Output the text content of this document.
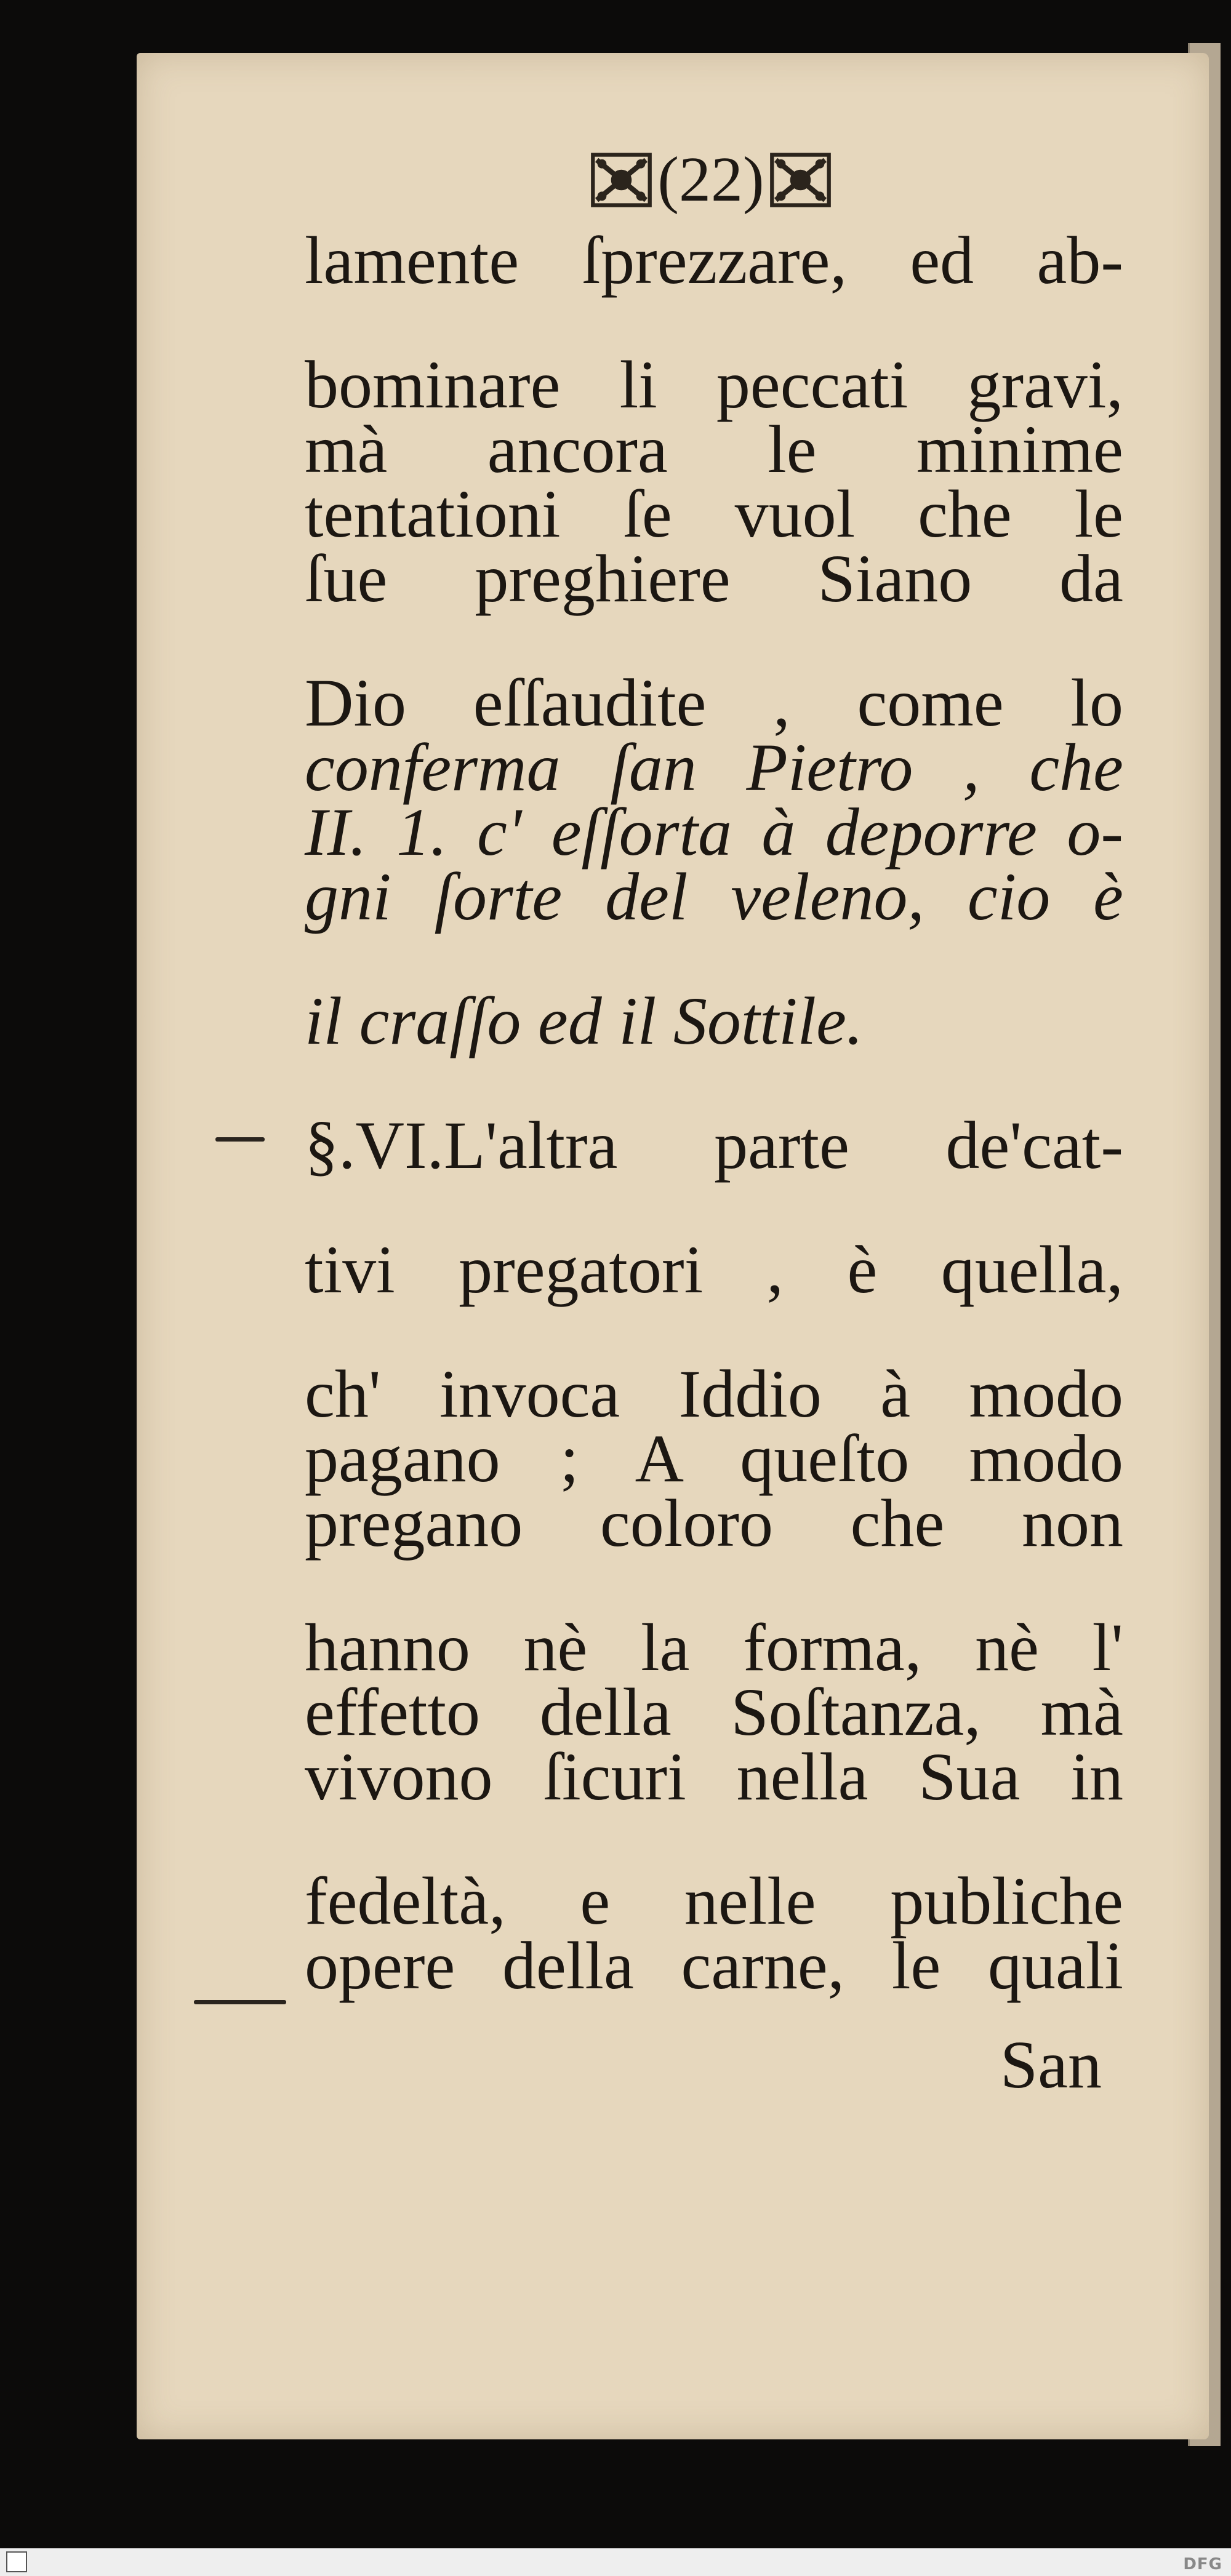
(22)

lamente ſprezzare, ed ab-

bominare li peccati gravi,

mà ancora le minime

tentationi ſe vuol che le

ſue preghiere Siano da

Dio eſſaudite , come lo

conferma ſan Pietro , che

II. 1. c' eſſorta à deporre o-

gni ſorte del veleno, cio è

il craſſo ed il Sottile.

§.VI.L'altra parte de'cat-

tivi pregatori , è quella,

ch' invoca Iddio à modo

pagano ; A queſto modo

pregano coloro che non

hanno nè la forma, nè l'

effetto della Soſtanza, mà

vivono ſicuri nella Sua in

fedeltà, e nelle publiche

opere della carne, le quali

San

DFG
